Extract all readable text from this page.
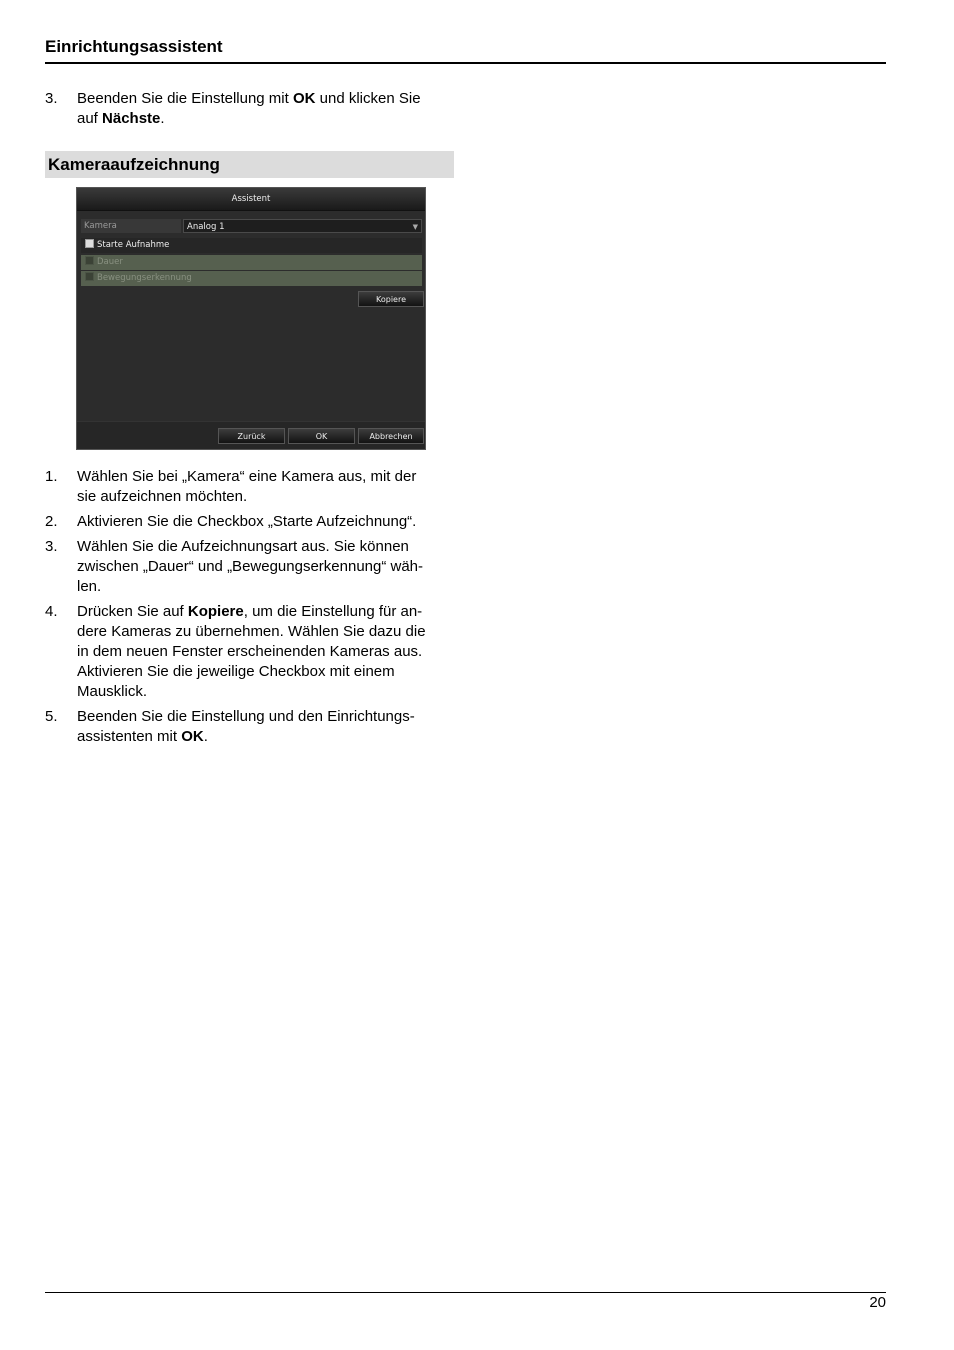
Einrichtungsassistent
3.	Beenden Sie die Einstellung mit OK und klicken Sie
auf Nächste.
Kameraaufzeichnung
Assistent
Kamera	Analog 1	▼
Starte Aufnahme
Dauer
Bewegungserkennung
Kopiere
Zurück	OK	Abbrechen
1.	Wählen Sie bei „Kamera“ eine Kamera aus, mit der
sie aufzeichnen möchten.
2.	Aktivieren Sie die Checkbox „Starte Aufzeichnung“.
3.	Wählen Sie die Aufzeichnungsart aus. Sie können
zwischen „Dauer“ und „Bewegungserkennung“ wäh-
len.
4.	Drücken Sie auf Kopiere, um die Einstellung für an-
dere Kameras zu übernehmen. Wählen Sie dazu die
in dem neuen Fenster erscheinenden Kameras aus.
Aktivieren Sie die jeweilige Checkbox mit einem
Mausklick.
5.	Beenden Sie die Einstellung und den Einrichtungs-
assistenten mit OK.
20
